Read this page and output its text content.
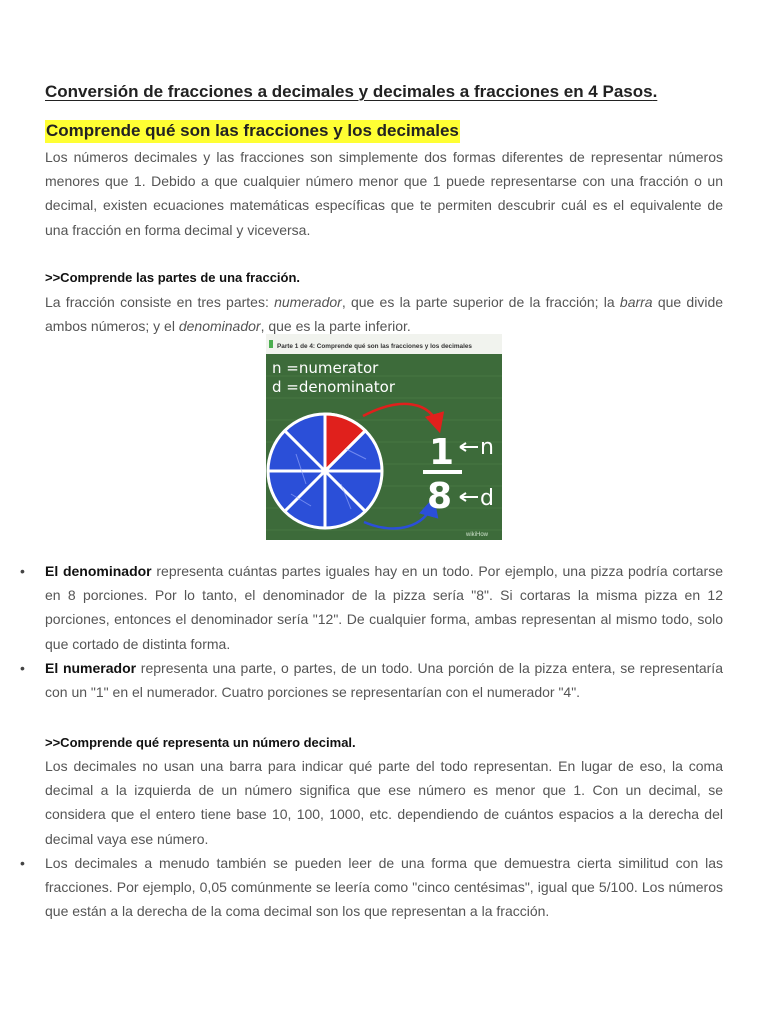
Conversión de fracciones a decimales y decimales a fracciones en 4 Pasos.
Comprende qué son las fracciones y los decimales

Los números decimales y las fracciones son simplemente dos formas diferentes de representar números menores que 1. Debido a que cualquier número menor que 1 puede representarse con una fracción o un decimal, existen ecuaciones matemáticas específicas que te permiten descubrir cuál es el equivalente de una fracción en forma decimal y viceversa.

>>Comprende las partes de una fracción.

La fracción consiste en tres partes: numerador, que es la parte superior de la fracción; la barra que divide ambos números; y el denominador, que es la parte inferior.

Parte 1 de 4: Comprende qué son las fracciones y los decimales
n =numerator
d =denominator
1
8
n
d
wikiHow
• El denominador representa cuántas partes iguales hay en un todo. Por ejemplo, una pizza podría cortarse en 8 porciones. Por lo tanto, el denominador de la pizza sería "8". Si cortaras la misma pizza en 12 porciones, entonces el denominador sería "12". De cualquier forma, ambas representan al mismo todo, solo que cortado de distinta forma.
• El numerador representa una parte, o partes, de un todo. Una porción de la pizza entera, se representaría con un "1" en el numerador. Cuatro porciones se representarían con el numerador "4".

>>Comprende qué representa un número decimal.

Los decimales no usan una barra para indicar qué parte del todo representan. En lugar de eso, la coma decimal a la izquierda de un número significa que ese número es menor que 1. Con un decimal, se considera que el entero tiene base 10, 100, 1000, etc. dependiendo de cuántos espacios a la derecha del decimal vaya ese número.

• Los decimales a menudo también se pueden leer de una forma que demuestra cierta similitud con las fracciones. Por ejemplo, 0,05 comúnmente se leería como "cinco centésimas", igual que 5/100. Los números que están a la derecha de la coma decimal son los que representan a la fracción.
